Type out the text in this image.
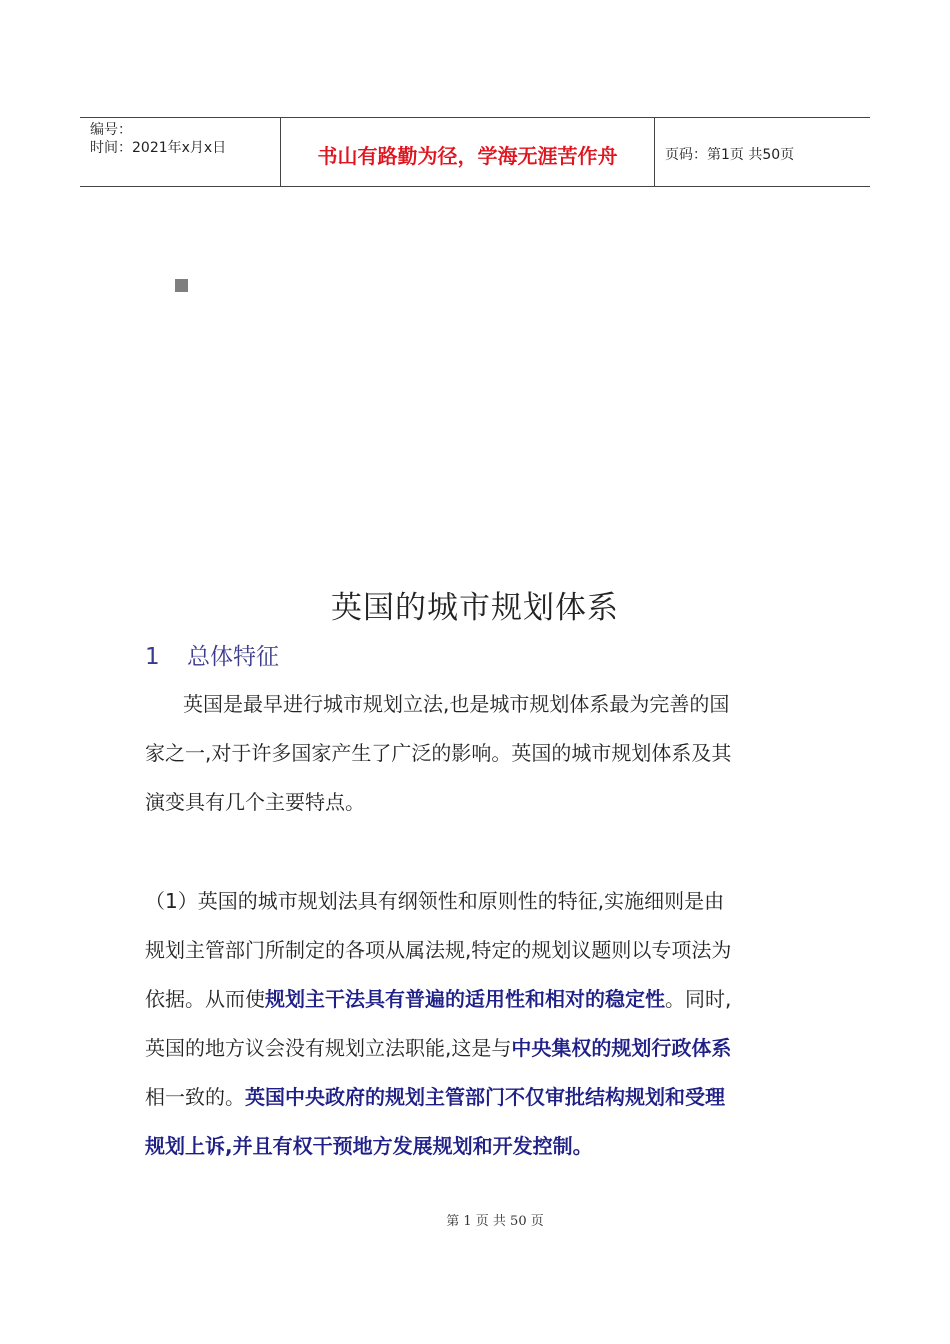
编号：
时间：2021年x月x日	书山有路勤为径，学海无涯苦作舟	页码：第1页 共50页
英国的城市规划体系
1 总体特征
英国是最早进行城市规划立法,也是城市规划体系最为完善的国
家之一,对于许多国家产生了广泛的影响。英国的城市规划体系及其
演变具有几个主要特点。
（1）英国的城市规划法具有纲领性和原则性的特征,实施细则是由
规划主管部门所制定的各项从属法规,特定的规划议题则以专项法为
依据。从而使规划主干法具有普遍的适用性和相对的稳定性。同时,
英国的地方议会没有规划立法职能,这是与中央集权的规划行政体系
相一致的。英国中央政府的规划主管部门不仅审批结构规划和受理
规划上诉,并且有权干预地方发展规划和开发控制。
第 1 页 共 50 页
